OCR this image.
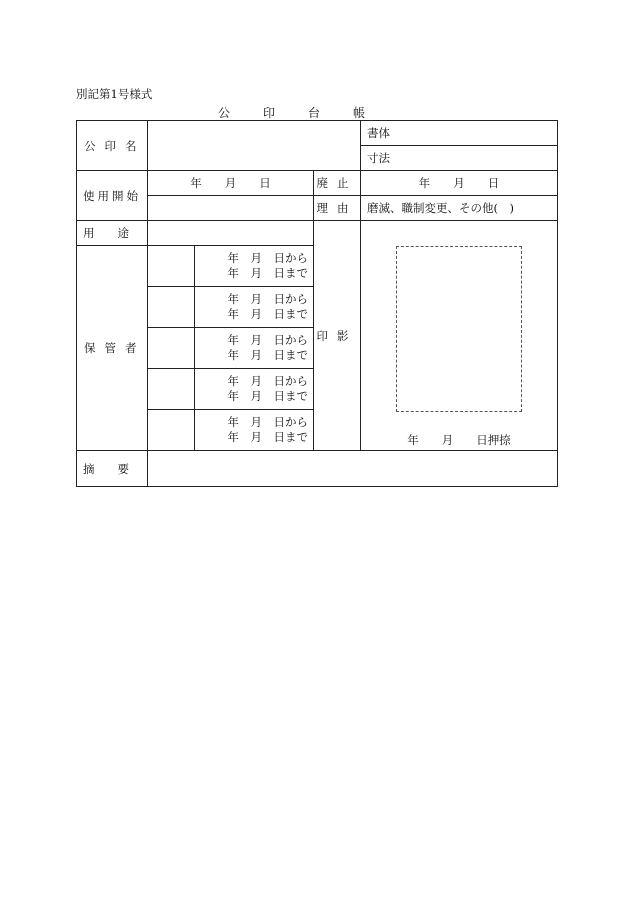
別記第1号様式
公印台帳
公印名				書体
				寸法
使用開始	年　　月　　日		廃止	年　　月　　日
			理由	磨滅、職制変更、その他(　)
用　　途			印影	年　　月　　日押捺

保管者		年　月　日から
年　月　日まで		

		年　月　日から
年　月　日まで		

		年　月　日から
年　月　日まで		

		年　月　日から
年　月　日まで		

		年　月　日から
年　月　日まで		

摘　　要				
